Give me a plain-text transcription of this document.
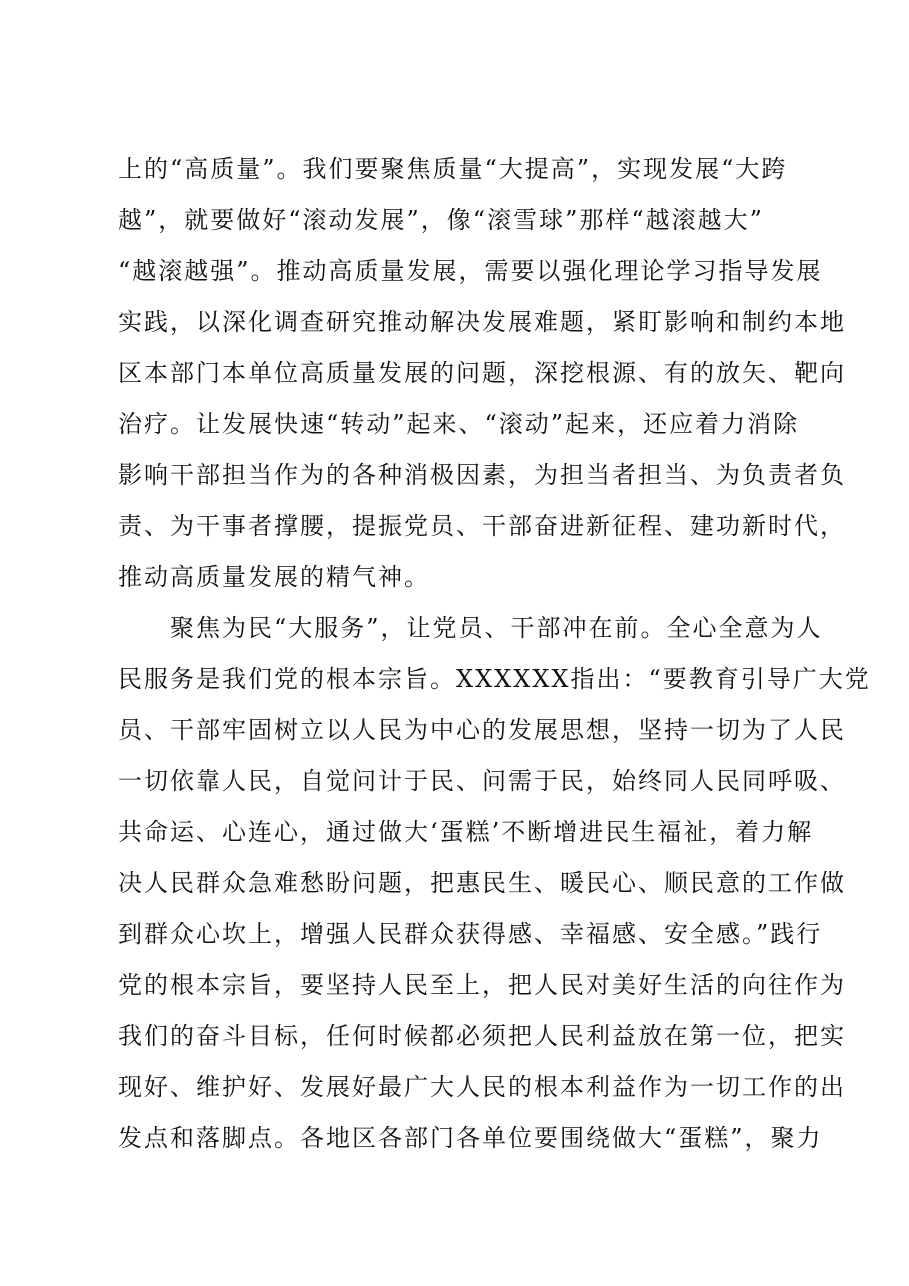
上的“高质量”。我们要聚焦质量“大提高”，实现发展“大跨
越”，就要做好“滚动发展”，像“滚雪球”那样“越滚越大”
“越滚越强”。推动高质量发展，需要以强化理论学习指导发展
实践，以深化调查研究推动解决发展难题，紧盯影响和制约本地
区本部门本单位高质量发展的问题，深挖根源、有的放矢、靶向
治疗。让发展快速“转动”起来、“滚动”起来，还应着力消除
影响干部担当作为的各种消极因素，为担当者担当、为负责者负
责、为干事者撑腰，提振党员、干部奋进新征程、建功新时代，
推动高质量发展的精气神。
　　聚焦为民“大服务”，让党员、干部冲在前。全心全意为人
民服务是我们党的根本宗旨。XXXXXX指出：“要教育引导广大党
员、干部牢固树立以人民为中心的发展思想，坚持一切为了人民
一切依靠人民，自觉问计于民、问需于民，始终同人民同呼吸、
共命运、心连心，通过做大‘蛋糕’不断增进民生福祉，着力解
决人民群众急难愁盼问题，把惠民生、暖民心、顺民意的工作做
到群众心坎上，增强人民群众获得感、幸福感、安全感。”践行
党的根本宗旨，要坚持人民至上，把人民对美好生活的向往作为
我们的奋斗目标，任何时候都必须把人民利益放在第一位，把实
现好、维护好、发展好最广大人民的根本利益作为一切工作的出
发点和落脚点。各地区各部门各单位要围绕做大“蛋糕”，聚力
